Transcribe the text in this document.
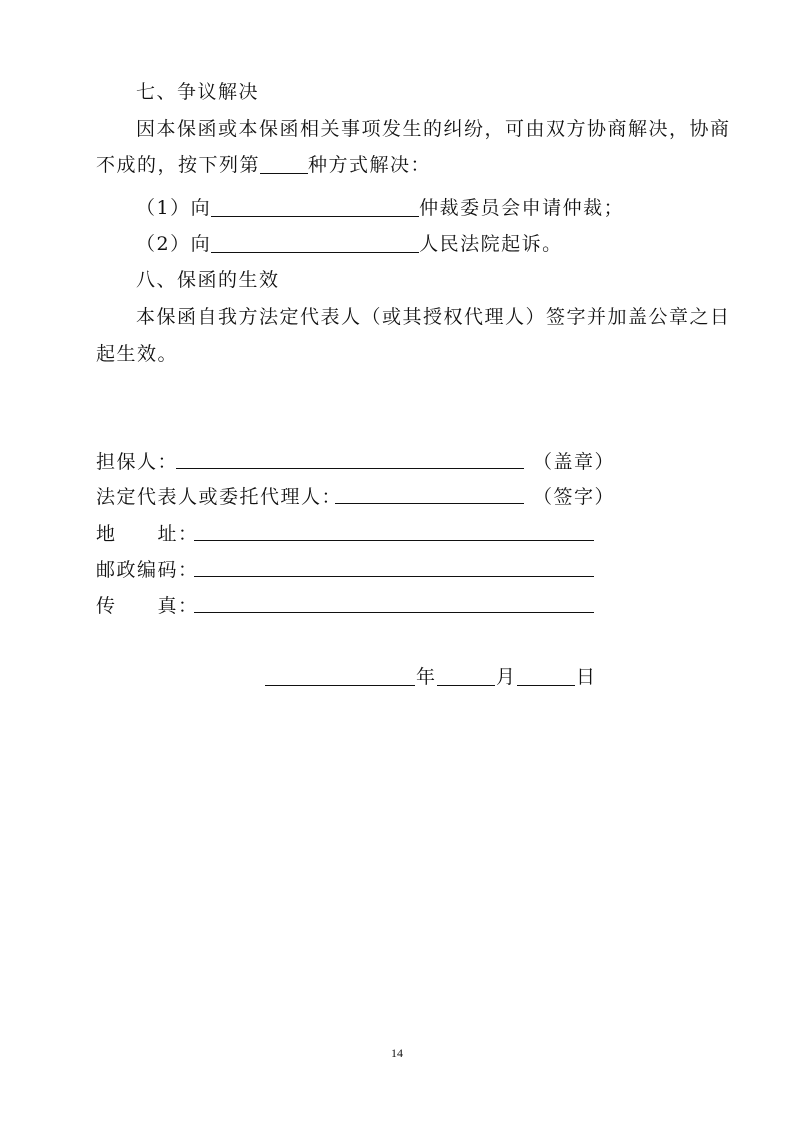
七、争议解决
因本保函或本保函相关事项发生的纠纷，可由双方协商解决，协商
不成的，按下列第	种方式解决：
（1）向	仲裁委员会申请仲裁；
（2）向	人民法院起诉。
八、保函的生效
本保函自我方法定代表人（或其授权代理人）签字并加盖公章之日
起生效。
担保人：	（盖章）
法定代表人或委托代理人：	（签字）
地　　址：
邮政编码：
传　　真：
年	月	日
14
